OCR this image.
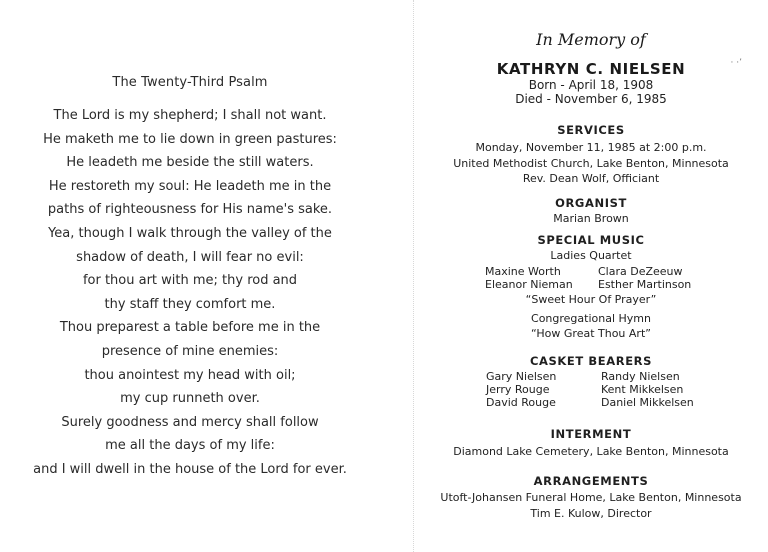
The Twenty-Third Psalm
The Lord is my shepherd; I shall not want.
He maketh me to lie down in green pastures:
He leadeth me beside the still waters.
He restoreth my soul: He leadeth me in the
paths of righteousness for His name's sake.
Yea, though I walk through the valley of the
shadow of death, I will fear no evil:
for thou art with me; thy rod and
thy staff they comfort me.
Thou preparest a table before me in the
presence of mine enemies:
thou anointest my head with oil;
my cup runneth over.
Surely goodness and mercy shall follow
me all the days of my life:
and I will dwell in the house of the Lord for ever.
· ·’
In Memory of
KATHRYN C. NIELSEN
Born - April 18, 1908
Died - November 6, 1985
SERVICES
Monday, November 11, 1985 at 2:00 p.m.
United Methodist Church, Lake Benton, Minnesota
Rev. Dean Wolf, Officiant
ORGANIST
Marian Brown
SPECIAL MUSIC
Ladies Quartet
Maxine Worth
Eleanor Nieman
Clara DeZeeuw
Esther Martinson
“Sweet Hour Of Prayer”
Congregational Hymn
“How Great Thou Art”
CASKET BEARERS
Gary Nielsen
Jerry Rouge
David Rouge
Randy Nielsen
Kent Mikkelsen
Daniel Mikkelsen
INTERMENT
Diamond Lake Cemetery, Lake Benton, Minnesota
ARRANGEMENTS
Utoft-Johansen Funeral Home, Lake Benton, Minnesota
Tim E. Kulow, Director
